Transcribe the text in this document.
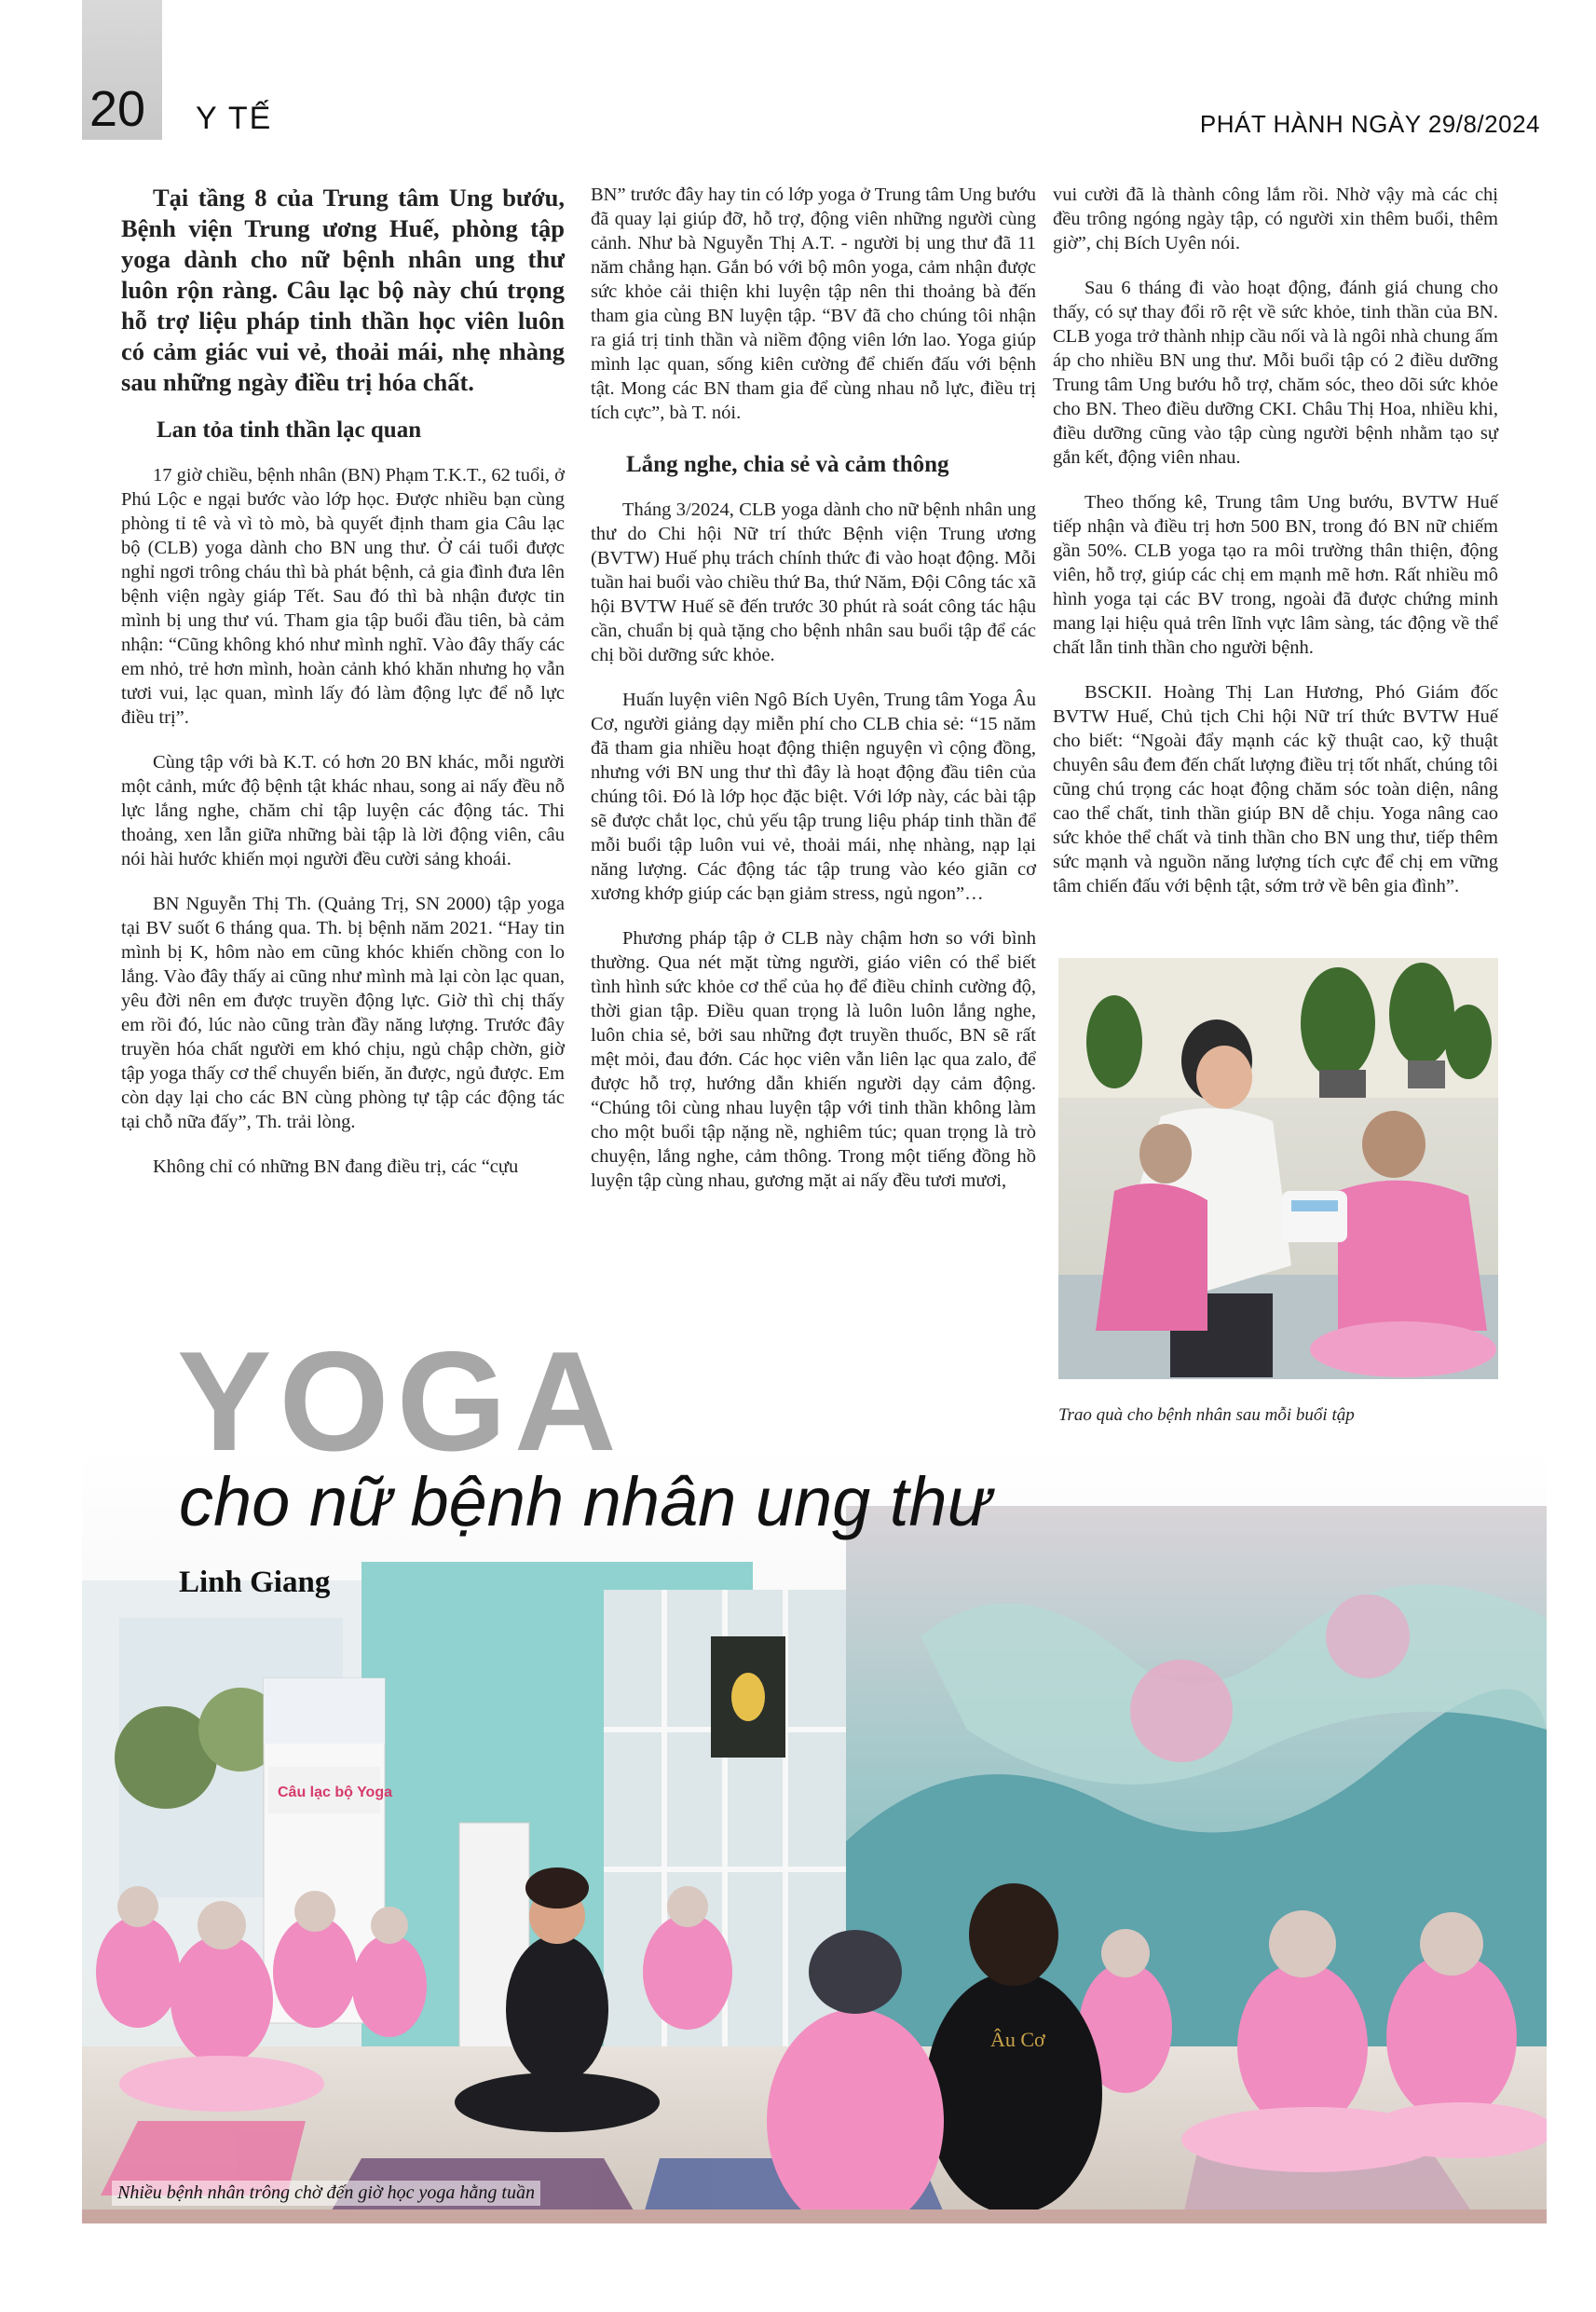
20 Y TẾ	PHÁT HÀNH NGÀY 29/8/2024

Tại tầng 8 của Trung tâm Ung bướu, Bệnh viện Trung ương Huế, phòng tập yoga dành cho nữ bệnh nhân ung thư luôn rộn ràng. Câu lạc bộ này chú trọng hỗ trợ liệu pháp tinh thần học viên luôn có cảm giác vui vẻ, thoải mái, nhẹ nhàng sau những ngày điều trị hóa chất.

Lan tỏa tinh thần lạc quan

17 giờ chiều, bệnh nhân (BN) Phạm T.K.T., 62 tuổi, ở Phú Lộc e ngại bước vào lớp học. Được nhiều bạn cùng phòng tỉ tê và vì tò mò, bà quyết định tham gia Câu lạc bộ (CLB) yoga dành cho BN ung thư. Ở cái tuổi được nghỉ ngơi trông cháu thì bà phát bệnh, cả gia đình đưa lên bệnh viện ngày giáp Tết. Sau đó thì bà nhận được tin mình bị ung thư vú. Tham gia tập buổi đầu tiên, bà cảm nhận: “Cũng không khó như mình nghĩ. Vào đây thấy các em nhỏ, trẻ hơn mình, hoàn cảnh khó khăn nhưng họ vẫn tươi vui, lạc quan, mình lấy đó làm động lực để nỗ lực điều trị”.

Cùng tập với bà K.T. có hơn 20 BN khác, mỗi người một cảnh, mức độ bệnh tật khác nhau, song ai nấy đều nỗ lực lắng nghe, chăm chỉ tập luyện các động tác. Thi thoảng, xen lẫn giữa những bài tập là lời động viên, câu nói hài hước khiến mọi người đều cười sảng khoái.

BN Nguyễn Thị Th. (Quảng Trị, SN 2000) tập yoga tại BV suốt 6 tháng qua. Th. bị bệnh năm 2021. “Hay tin mình bị K, hôm nào em cũng khóc khiến chồng con lo lắng. Vào đây thấy ai cũng như mình mà lại còn lạc quan, yêu đời nên em được truyền động lực. Giờ thì chị thấy em rồi đó, lúc nào cũng tràn đầy năng lượng. Trước đây truyền hóa chất người em khó chịu, ngủ chập chờn, giờ tập yoga thấy cơ thể chuyển biến, ăn được, ngủ được. Em còn dạy lại cho các BN cùng phòng tự tập các động tác tại chỗ nữa đấy”, Th. trải lòng.

Không chỉ có những BN đang điều trị, các “cựu

BN” trước đây hay tin có lớp yoga ở Trung tâm Ung bướu đã quay lại giúp đỡ, hỗ trợ, động viên những người cùng cảnh. Như bà Nguyễn Thị A.T. - người bị ung thư đã 11 năm chẳng hạn. Gắn bó với bộ môn yoga, cảm nhận được sức khỏe cải thiện khi luyện tập nên thi thoảng bà đến tham gia cùng BN luyện tập. “BV đã cho chúng tôi nhận ra giá trị tinh thần và niềm động viên lớn lao. Yoga giúp mình lạc quan, sống kiên cường để chiến đấu với bệnh tật. Mong các BN tham gia để cùng nhau nỗ lực, điều trị tích cực”, bà T. nói.

Lắng nghe, chia sẻ và cảm thông

Tháng 3/2024, CLB yoga dành cho nữ bệnh nhân ung thư do Chi hội Nữ trí thức Bệnh viện Trung ương (BVTW) Huế phụ trách chính thức đi vào hoạt động. Mỗi tuần hai buổi vào chiều thứ Ba, thứ Năm, Đội Công tác xã hội BVTW Huế sẽ đến trước 30 phút rà soát công tác hậu cần, chuẩn bị quà tặng cho bệnh nhân sau buổi tập để các chị bồi dưỡng sức khỏe.

Huấn luyện viên Ngô Bích Uyên, Trung tâm Yoga Âu Cơ, người giảng dạy miễn phí cho CLB chia sẻ: “15 năm đã tham gia nhiều hoạt động thiện nguyện vì cộng đồng, nhưng với BN ung thư thì đây là hoạt động đầu tiên của chúng tôi. Đó là lớp học đặc biệt. Với lớp này, các bài tập sẽ được chắt lọc, chủ yếu tập trung liệu pháp tinh thần để mỗi buổi tập luôn vui vẻ, thoải mái, nhẹ nhàng, nạp lại năng lượng. Các động tác tập trung vào kéo giãn cơ xương khớp giúp các bạn giảm stress, ngủ ngon”…

Phương pháp tập ở CLB này chậm hơn so với bình thường. Qua nét mặt từng người, giáo viên có thể biết tình hình sức khỏe cơ thể của họ để điều chỉnh cường độ, thời gian tập. Điều quan trọng là luôn luôn lắng nghe, luôn chia sẻ, bởi sau những đợt truyền thuốc, BN sẽ rất mệt mỏi, đau đớn. Các học viên vẫn liên lạc qua zalo, để được hỗ trợ, hướng dẫn khiến người dạy cảm động. “Chúng tôi cùng nhau luyện tập với tinh thần không làm cho một buổi tập nặng nề, nghiêm túc; quan trọng là trò chuyện, lắng nghe, cảm thông. Trong một tiếng đồng hồ luyện tập cùng nhau, gương mặt ai nấy đều tươi mươi,

vui cười đã là thành công lắm rồi. Nhờ vậy mà các chị đều trông ngóng ngày tập, có người xin thêm buổi, thêm giờ”, chị Bích Uyên nói.

Sau 6 tháng đi vào hoạt động, đánh giá chung cho thấy, có sự thay đổi rõ rệt về sức khỏe, tinh thần của BN. CLB yoga trở thành nhịp cầu nối và là ngôi nhà chung ấm áp cho nhiều BN ung thư. Mỗi buổi tập có 2 điều dưỡng Trung tâm Ung bướu hỗ trợ, chăm sóc, theo dõi sức khỏe cho BN. Theo điều dưỡng CKI. Châu Thị Hoa, nhiều khi, điều dưỡng cũng vào tập cùng người bệnh nhằm tạo sự gắn kết, động viên nhau.

Theo thống kê, Trung tâm Ung bướu, BVTW Huế tiếp nhận và điều trị hơn 500 BN, trong đó BN nữ chiếm gần 50%. CLB yoga tạo ra môi trường thân thiện, động viên, hỗ trợ, giúp các chị em mạnh mẽ hơn. Rất nhiều mô hình yoga tại các BV trong, ngoài đã được chứng minh mang lại hiệu quả trên lĩnh vực lâm sàng, tác động về thể chất lẫn tinh thần cho người bệnh.

BSCKII. Hoàng Thị Lan Hương, Phó Giám đốc BVTW Huế, Chủ tịch Chi hội Nữ trí thức BVTW Huế cho biết: “Ngoài đẩy mạnh các kỹ thuật cao, kỹ thuật chuyên sâu đem đến chất lượng điều trị tốt nhất, chúng tôi cũng chú trọng các hoạt động chăm sóc toàn diện, nâng cao thể chất, tinh thần giúp BN dễ chịu. Yoga nâng cao sức khỏe thể chất và tinh thần cho BN ung thư, tiếp thêm sức mạnh và nguồn năng lượng tích cực để chị em vững tâm chiến đấu với bệnh tật, sớm trở về bên gia đình”.

Trao quà cho bệnh nhân sau mỗi buổi tập
Câu lạc bộ Yoga
Âu Cơ
YOGA
cho nữ bệnh nhân ung thư
Linh Giang
Nhiều bệnh nhân trông chờ đến giờ học yoga hằng tuần
